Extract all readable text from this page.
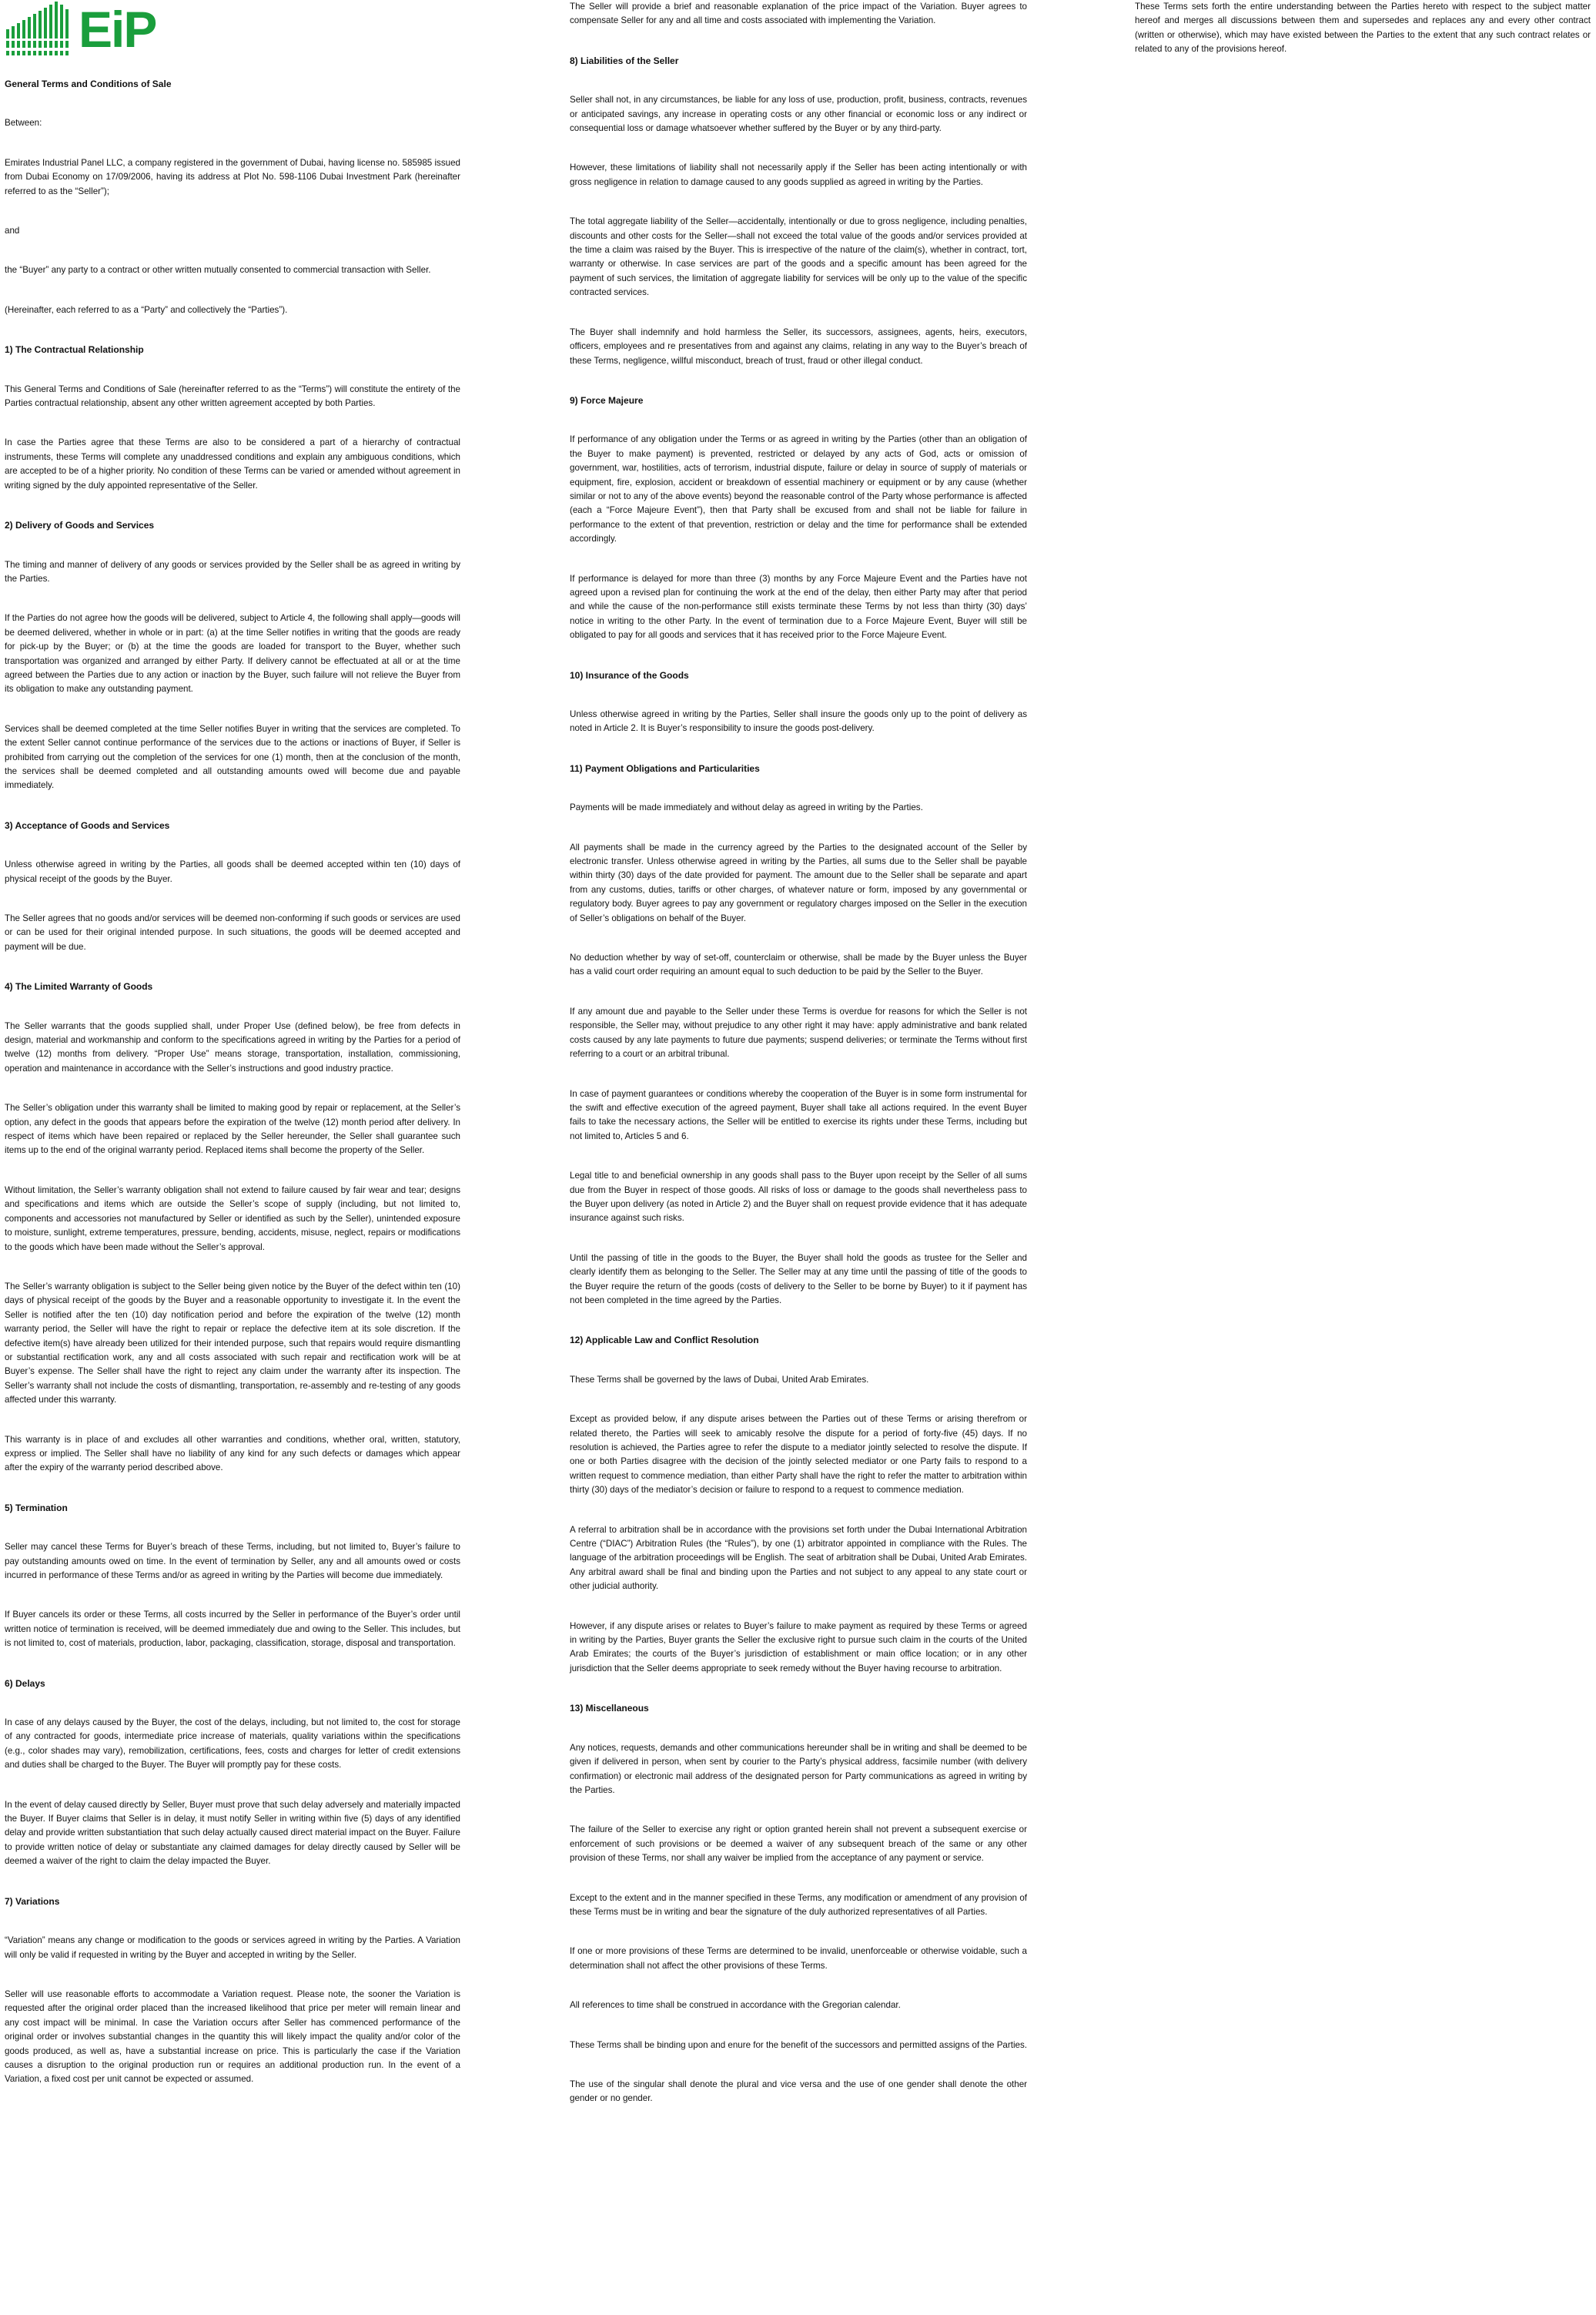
EiP
General Terms and Conditions of Sale

Between:

Emirates Industrial Panel LLC, a company registered in the government of Dubai, having license no. 585985 issued from Dubai Economy on 17/09/2006, having its address at Plot No. 598-1106 Dubai Investment Park (hereinafter referred to as the “Seller”);

and

the “Buyer” any party to a contract or other written mutually consented to commercial transaction with Seller.

(Hereinafter, each referred to as a “Party” and collectively the “Parties”).

1) The Contractual Relationship

This General Terms and Conditions of Sale (hereinafter referred to as the “Terms”) will constitute the entirety of the Parties contractual relationship, absent any other written agreement accepted by both Parties.

In case the Parties agree that these Terms are also to be considered a part of a hierarchy of contractual instruments, these Terms will complete any unaddressed conditions and explain any ambiguous conditions, which are accepted to be of a higher priority. No condition of these Terms can be varied or amended without agreement in writing signed by the duly appointed representative of the Seller.

2) Delivery of Goods and Services

The timing and manner of delivery of any goods or services provided by the Seller shall be as agreed in writing by the Parties.

If the Parties do not agree how the goods will be delivered, subject to Article 4, the following shall apply—goods will be deemed delivered, whether in whole or in part: (a) at the time Seller notifies in writing that the goods are ready for pick-up by the Buyer; or (b) at the time the goods are loaded for transport to the Buyer, whether such transportation was organized and arranged by either Party. If delivery cannot be effectuated at all or at the time agreed between the Parties due to any action or inaction by the Buyer, such failure will not relieve the Buyer from its obligation to make any outstanding payment.

Services shall be deemed completed at the time Seller notifies Buyer in writing that the services are completed. To the extent Seller cannot continue performance of the services due to the actions or inactions of Buyer, if Seller is prohibited from carrying out the completion of the services for one (1) month, then at the conclusion of the month, the services shall be deemed completed and all outstanding amounts owed will become due and payable immediately.

3) Acceptance of Goods and Services

Unless otherwise agreed in writing by the Parties, all goods shall be deemed accepted within ten (10) days of physical receipt of the goods by the Buyer.

The Seller agrees that no goods and/or services will be deemed non-conforming if such goods or services are used or can be used for their original intended purpose. In such situations, the goods will be deemed accepted and payment will be due.

4) The Limited Warranty of Goods

The Seller warrants that the goods supplied shall, under Proper Use (defined below), be free from defects in design, material and workmanship and conform to the specifications agreed in writing by the Parties for a period of twelve (12) months from delivery. “Proper Use” means storage, transportation, installation, commissioning, operation and maintenance in accordance with the Seller’s instructions and good industry practice.

The Seller’s obligation under this warranty shall be limited to making good by repair or replacement, at the Seller’s option, any defect in the goods that appears before the expiration of the twelve (12) month period after delivery. In respect of items which have been repaired or replaced by the Seller hereunder, the Seller shall guarantee such items up to the end of the original warranty period. Replaced items shall become the property of the Seller.

Without limitation, the Seller’s warranty obligation shall not extend to failure caused by fair wear and tear; designs and specifications and items which are outside the Seller’s scope of supply (including, but not limited to, components and accessories not manufactured by Seller or identified as such by the Seller), unintended exposure to moisture, sunlight, extreme temperatures, pressure, bending, accidents, misuse, neglect, repairs or modifications to the goods which have been made without the Seller’s approval.

The Seller’s warranty obligation is subject to the Seller being given notice by the Buyer of the defect within ten (10) days of physical receipt of the goods by the Buyer and a reasonable opportunity to investigate it. In the event the Seller is notified after the ten (10) day notification period and before the expiration of the twelve (12) month warranty period, the Seller will have the right to repair or replace the defective item at its sole discretion. If the defective item(s) have already been utilized for their intended purpose, such that repairs would require dismantling or substantial rectification work, any and all costs associated with such repair and rectification work will be at Buyer’s expense. The Seller shall have the right to reject any claim under the warranty after its inspection. The Seller’s warranty shall not include the costs of dismantling, transportation, re-assembly and re-testing of any goods affected under this warranty.

This warranty is in place of and excludes all other warranties and conditions, whether oral, written, statutory, express or implied. The Seller shall have no liability of any kind for any such defects or damages which appear after the expiry of the warranty period described above.

5) Termination

Seller may cancel these Terms for Buyer’s breach of these Terms, including, but not limited to, Buyer’s failure to pay outstanding amounts owed on time. In the event of termination by Seller, any and all amounts owed or costs incurred in performance of these Terms and/or as agreed in writing by the Parties will become due immediately.

If Buyer cancels its order or these Terms, all costs incurred by the Seller in performance of the Buyer’s order until written notice of termination is received, will be deemed immediately due and owing to the Seller. This includes, but is not limited to, cost of materials, production, labor, packaging, classification, storage, disposal and transportation.

6) Delays

In case of any delays caused by the Buyer, the cost of the delays, including, but not limited to, the cost for storage of any contracted for goods, intermediate price increase of materials, quality variations within the specifications (e.g., color shades may vary), remobilization, certifications, fees, costs and charges for letter of credit extensions and duties shall be charged to the Buyer. The Buyer will promptly pay for these costs.

In the event of delay caused directly by Seller, Buyer must prove that such delay adversely and materially impacted the Buyer. If Buyer claims that Seller is in delay, it must notify Seller in writing within five (5) days of any identified delay and provide written substantiation that such delay actually caused direct material impact on the Buyer. Failure to provide written notice of delay or substantiate any claimed damages for delay directly caused by Seller will be deemed a waiver of the right to claim the delay impacted the Buyer.

7) Variations

“Variation” means any change or modification to the goods or services agreed in writing by the Parties. A Variation will only be valid if requested in writing by the Buyer and accepted in writing by the Seller.

Seller will use reasonable efforts to accommodate a Variation request. Please note, the sooner the Variation is requested after the original order placed than the increased likelihood that price per meter will remain linear and any cost impact will be minimal. In case the Variation occurs after Seller has commenced performance of the original order or involves substantial changes in the quantity this will likely impact the quality and/or color of the goods produced, as well as, have a substantial increase on price. This is particularly the case if the Variation causes a disruption to the original production run or requires an additional production run. In the event of a Variation, a fixed cost per unit cannot be expected or assumed.

The Seller will provide a brief and reasonable explanation of the price impact of the Variation. Buyer agrees to compensate Seller for any and all time and costs associated with implementing the Variation.

8) Liabilities of the Seller

Seller shall not, in any circumstances, be liable for any loss of use, production, profit, business, contracts, revenues or anticipated savings, any increase in operating costs or any other financial or economic loss or any indirect or consequential loss or damage whatsoever whether suffered by the Buyer or by any third-party.

However, these limitations of liability shall not necessarily apply if the Seller has been acting intentionally or with gross negligence in relation to damage caused to any goods supplied as agreed in writing by the Parties.

The total aggregate liability of the Seller—accidentally, intentionally or due to gross negligence, including penalties, discounts and other costs for the Seller—shall not exceed the total value of the goods and/or services provided at the time a claim was raised by the Buyer. This is irrespective of the nature of the claim(s), whether in contract, tort, warranty or otherwise. In case services are part of the goods and a specific amount has been agreed for the payment of such services, the limitation of aggregate liability for services will be only up to the value of the specific contracted services.

The Buyer shall indemnify and hold harmless the Seller, its successors, assignees, agents, heirs, executors, officers, employees and re presentatives from and against any claims, relating in any way to the Buyer’s breach of these Terms, negligence, willful misconduct, breach of trust, fraud or other illegal conduct.

9) Force Majeure

If performance of any obligation under the Terms or as agreed in writing by the Parties (other than an obligation of the Buyer to make payment) is prevented, restricted or delayed by any acts of God, acts or omission of government, war, hostilities, acts of terrorism, industrial dispute, failure or delay in source of supply of materials or equipment, fire, explosion, accident or breakdown of essential machinery or equipment or by any cause (whether similar or not to any of the above events) beyond the reasonable control of the Party whose performance is affected (each a “Force Majeure Event”), then that Party shall be excused from and shall not be liable for failure in performance to the extent of that prevention, restriction or delay and the time for performance shall be extended accordingly.

If performance is delayed for more than three (3) months by any Force Majeure Event and the Parties have not agreed upon a revised plan for continuing the work at the end of the delay, then either Party may after that period and while the cause of the non-performance still exists terminate these Terms by not less than thirty (30) days’ notice in writing to the other Party. In the event of termination due to a Force Majeure Event, Buyer will still be obligated to pay for all goods and services that it has received prior to the Force Majeure Event.

10) Insurance of the Goods

Unless otherwise agreed in writing by the Parties, Seller shall insure the goods only up to the point of delivery as noted in Article 2. It is Buyer’s responsibility to insure the goods post-delivery.

11) Payment Obligations and Particularities

Payments will be made immediately and without delay as agreed in writing by the Parties.

All payments shall be made in the currency agreed by the Parties to the designated account of the Seller by electronic transfer. Unless otherwise agreed in writing by the Parties, all sums due to the Seller shall be payable within thirty (30) days of the date provided for payment. The amount due to the Seller shall be separate and apart from any customs, duties, tariffs or other charges, of whatever nature or form, imposed by any governmental or regulatory body. Buyer agrees to pay any government or regulatory charges imposed on the Seller in the execution of Seller’s obligations on behalf of the Buyer.

No deduction whether by way of set-off, counterclaim or otherwise, shall be made by the Buyer unless the Buyer has a valid court order requiring an amount equal to such deduction to be paid by the Seller to the Buyer.

If any amount due and payable to the Seller under these Terms is overdue for reasons for which the Seller is not responsible, the Seller may, without prejudice to any other right it may have: apply administrative and bank related costs caused by any late payments to future due payments; suspend deliveries; or terminate the Terms without first referring to a court or an arbitral tribunal.

In case of payment guarantees or conditions whereby the cooperation of the Buyer is in some form instrumental for the swift and effective execution of the agreed payment, Buyer shall take all actions required. In the event Buyer fails to take the necessary actions, the Seller will be entitled to exercise its rights under these Terms, including but not limited to, Articles 5 and 6.

Legal title to and beneficial ownership in any goods shall pass to the Buyer upon receipt by the Seller of all sums due from the Buyer in respect of those goods. All risks of loss or damage to the goods shall nevertheless pass to the Buyer upon delivery (as noted in Article 2) and the Buyer shall on request provide evidence that it has adequate insurance against such risks.

Until the passing of title in the goods to the Buyer, the Buyer shall hold the goods as trustee for the Seller and clearly identify them as belonging to the Seller. The Seller may at any time until the passing of title of the goods to the Buyer require the return of the goods (costs of delivery to the Seller to be borne by Buyer) to it if payment has not been completed in the time agreed by the Parties.

12) Applicable Law and Conflict Resolution

These Terms shall be governed by the laws of Dubai, United Arab Emirates.

Except as provided below, if any dispute arises between the Parties out of these Terms or arising therefrom or related thereto, the Parties will seek to amicably resolve the dispute for a period of forty-five (45) days. If no resolution is achieved, the Parties agree to refer the dispute to a mediator jointly selected to resolve the dispute. If one or both Parties disagree with the decision of the jointly selected mediator or one Party fails to respond to a written request to commence mediation, than either Party shall have the right to refer the matter to arbitration within thirty (30) days of the mediator’s decision or failure to respond to a request to commence mediation.

A referral to arbitration shall be in accordance with the provisions set forth under the Dubai International Arbitration Centre (“DIAC”) Arbitration Rules (the “Rules”), by one (1) arbitrator appointed in compliance with the Rules. The language of the arbitration proceedings will be English. The seat of arbitration shall be Dubai, United Arab Emirates. Any arbitral award shall be final and binding upon the Parties and not subject to any appeal to any state court or other judicial authority.

However, if any dispute arises or relates to Buyer’s failure to make payment as required by these Terms or agreed in writing by the Parties, Buyer grants the Seller the exclusive right to pursue such claim in the courts of the United Arab Emirates; the courts of the Buyer’s jurisdiction of establishment or main office location; or in any other jurisdiction that the Seller deems appropriate to seek remedy without the Buyer having recourse to arbitration.

13) Miscellaneous

Any notices, requests, demands and other communications hereunder shall be in writing and shall be deemed to be given if delivered in person, when sent by courier to the Party’s physical address, facsimile number (with delivery confirmation) or electronic mail address of the designated person for Party communications as agreed in writing by the Parties.

The failure of the Seller to exercise any right or option granted herein shall not prevent a subsequent exercise or enforcement of such provisions or be deemed a waiver of any subsequent breach of the same or any other provision of these Terms, nor shall any waiver be implied from the acceptance of any payment or service.

Except to the extent and in the manner specified in these Terms, any modification or amendment of any provision of these Terms must be in writing and bear the signature of the duly authorized representatives of all Parties.

If one or more provisions of these Terms are determined to be invalid, unenforceable or otherwise voidable, such a determination shall not affect the other provisions of these Terms.

All references to time shall be construed in accordance with the Gregorian calendar.

These Terms shall be binding upon and enure for the benefit of the successors and permitted assigns of the Parties.

The use of the singular shall denote the plural and vice versa and the use of one gender shall denote the other gender or no gender.

These Terms sets forth the entire understanding between the Parties hereto with respect to the subject matter hereof and merges all discussions between them and supersedes and replaces any and every other contract (written or otherwise), which may have existed between the Parties to the extent that any such contract relates or related to any of the provisions hereof.
